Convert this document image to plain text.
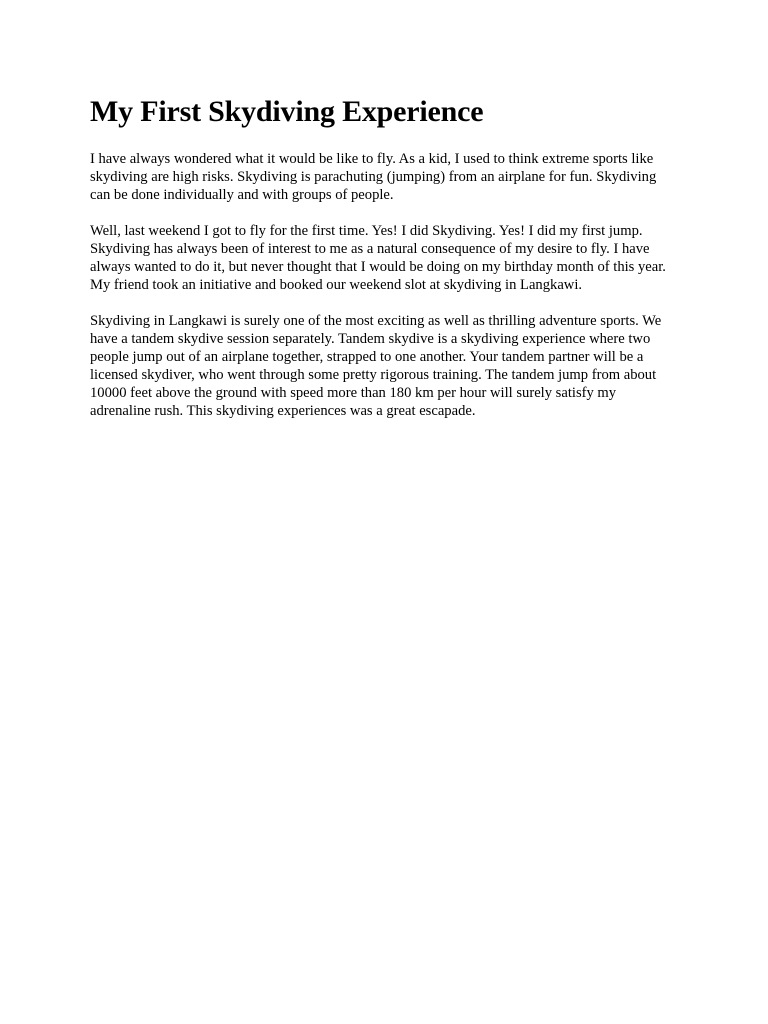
My First Skydiving Experience

I have always wondered what it would be like to fly. As a kid, I used to think extreme sports like skydiving are high risks. Skydiving is parachuting (jumping) from an airplane for fun. Skydiving can be done individually and with groups of people.

Well, last weekend I got to fly for the first time. Yes! I did Skydiving. Yes! I did my first jump. Skydiving has always been of interest to me as a natural consequence of my desire to fly. I have always wanted to do it, but never thought that I would be doing on my birthday month of this year. My friend took an initiative and booked our weekend slot at skydiving in Langkawi.

Skydiving in Langkawi is surely one of the most exciting as well as thrilling adventure sports. We have a tandem skydive session separately. Tandem skydive is a skydiving experience where two people jump out of an airplane together, strapped to one another. Your tandem partner will be a licensed skydiver, who went through some pretty rigorous training. The tandem jump from about 10000 feet above the ground with speed more than 180 km per hour will surely satisfy my adrenaline rush. This skydiving experiences was a great escapade.
